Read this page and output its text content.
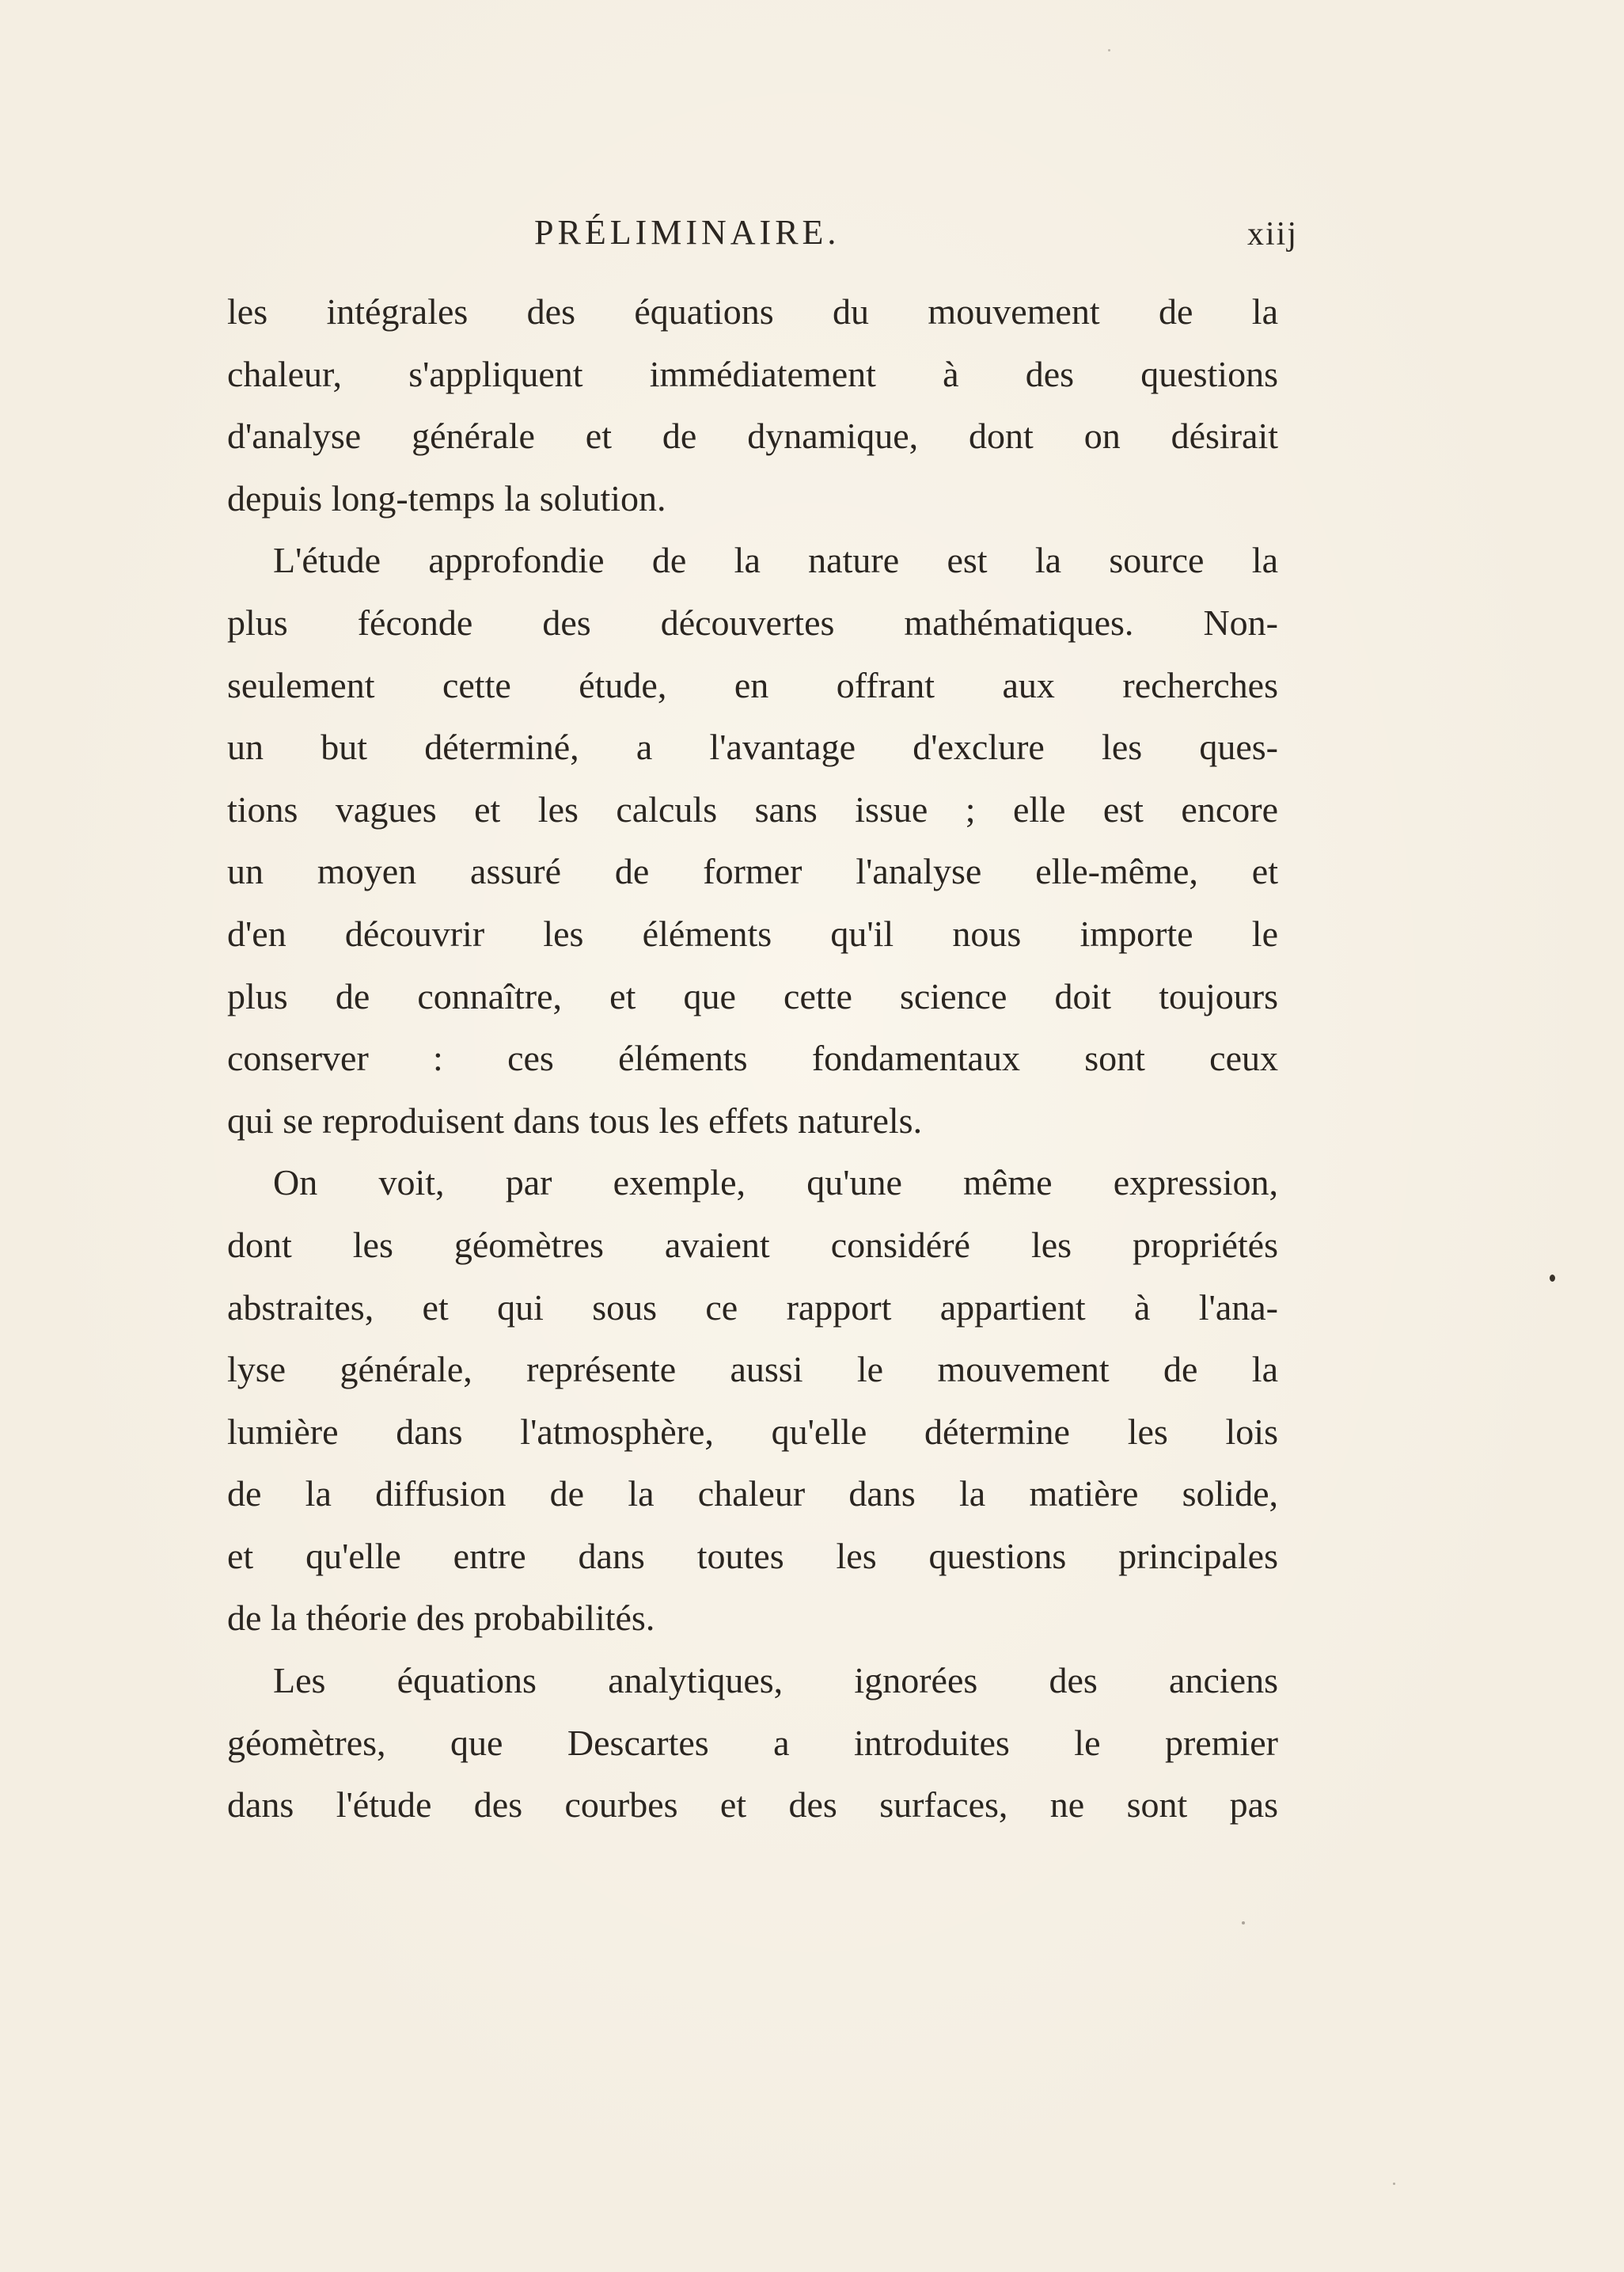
PRÉLIMINAIRE.	xiij
les intégrales des équations du mouvement de la
chaleur, s'appliquent immédiatement à des questions
d'analyse générale et de dynamique, dont on désirait
depuis long-temps la solution.
L'étude approfondie de la nature est la source la
plus féconde des découvertes mathématiques. Non-
seulement cette étude, en offrant aux recherches
un but déterminé, a l'avantage d'exclure les ques-
tions vagues et les calculs sans issue ; elle est encore
un moyen assuré de former l'analyse elle-même, et
d'en découvrir les éléments qu'il nous importe le
plus de connaître, et que cette science doit toujours
conserver : ces éléments fondamentaux sont ceux
qui se reproduisent dans tous les effets naturels.
On voit, par exemple, qu'une même expression,
dont les géomètres avaient considéré les propriétés
abstraites, et qui sous ce rapport appartient à l'ana-
lyse générale, représente aussi le mouvement de la
lumière dans l'atmosphère, qu'elle détermine les lois
de la diffusion de la chaleur dans la matière solide,
et qu'elle entre dans toutes les questions principales
de la théorie des probabilités.
Les équations analytiques, ignorées des anciens
géomètres, que Descartes a introduites le premier
dans l'étude des courbes et des surfaces, ne sont pas
